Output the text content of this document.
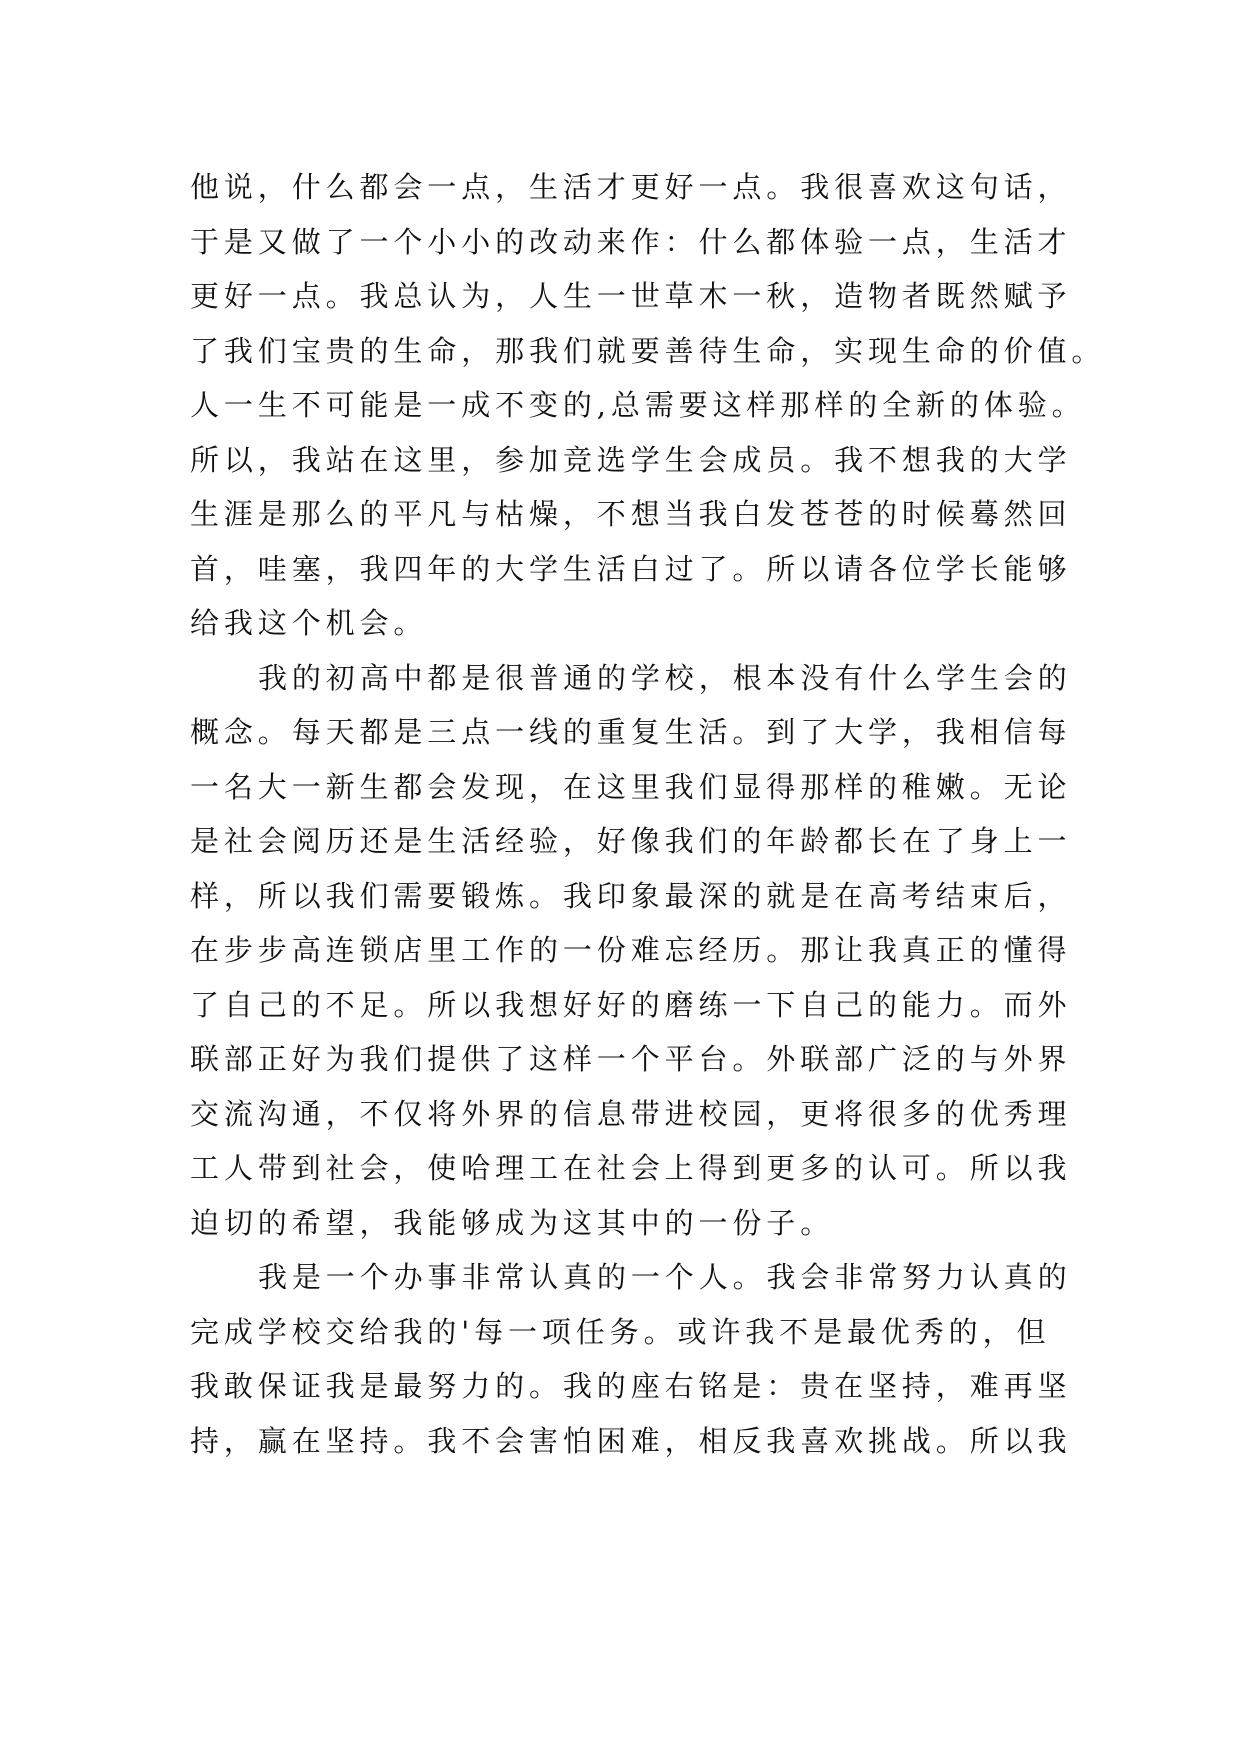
他说，什么都会一点，生活才更好一点。我很喜欢这句话，
于是又做了一个小小的改动来作：什么都体验一点，生活才
更好一点。我总认为，人生一世草木一秋，造物者既然赋予
了我们宝贵的生命，那我们就要善待生命，实现生命的价值。
人一生不可能是一成不变的,总需要这样那样的全新的体验。
所以，我站在这里，参加竞选学生会成员。我不想我的大学
生涯是那么的平凡与枯燥，不想当我白发苍苍的时候蓦然回
首，哇塞，我四年的大学生活白过了。所以请各位学长能够
给我这个机会。
我的初高中都是很普通的学校，根本没有什么学生会的
概念。每天都是三点一线的重复生活。到了大学，我相信每
一名大一新生都会发现，在这里我们显得那样的稚嫩。无论
是社会阅历还是生活经验，好像我们的年龄都长在了身上一
样，所以我们需要锻炼。我印象最深的就是在高考结束后，
在步步高连锁店里工作的一份难忘经历。那让我真正的懂得
了自己的不足。所以我想好好的磨练一下自己的能力。而外
联部正好为我们提供了这样一个平台。外联部广泛的与外界
交流沟通，不仅将外界的信息带进校园，更将很多的优秀理
工人带到社会，使哈理工在社会上得到更多的认可。所以我
迫切的希望，我能够成为这其中的一份子。
我是一个办事非常认真的一个人。我会非常努力认真的
完成学校交给我的'每一项任务。或许我不是最优秀的，但
我敢保证我是最努力的。我的座右铭是：贵在坚持，难再坚
持，赢在坚持。我不会害怕困难，相反我喜欢挑战。所以我
